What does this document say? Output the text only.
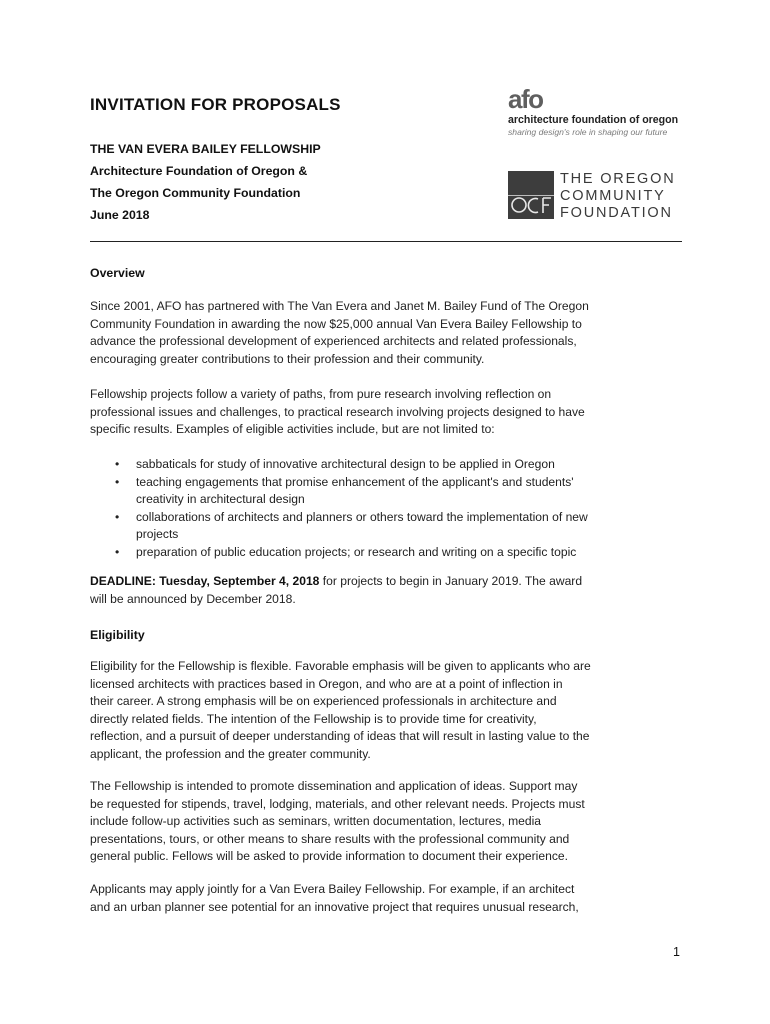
INVITATION FOR PROPOSALS
THE VAN EVERA BAILEY FELLOWSHIP
Architecture Foundation of Oregon &
The Oregon Community Foundation
June 2018
afo
architecture foundation of oregon
sharing design's role in shaping our future
THE OREGON
COMMUNITY
FOUNDATION
Overview
Since 2001, AFO has partnered with The Van Evera and Janet M. Bailey Fund of The Oregon
Community Foundation in awarding the now $25,000 annual Van Evera Bailey Fellowship to
advance the professional development of experienced architects and related professionals,
encouraging greater contributions to their profession and their community.
Fellowship projects follow a variety of paths, from pure research involving reflection on
professional issues and challenges, to practical research involving projects designed to have
specific results. Examples of eligible activities include, but are not limited to:
• sabbaticals for study of innovative architectural design to be applied in Oregon
• teaching engagements that promise enhancement of the applicant's and students'
creativity in architectural design
• collaborations of architects and planners or others toward the implementation of new
projects
• preparation of public education projects; or research and writing on a specific topic
DEADLINE: Tuesday, September 4, 2018 for projects to begin in January 2019. The award
will be announced by December 2018.
Eligibility
Eligibility for the Fellowship is flexible. Favorable emphasis will be given to applicants who are
licensed architects with practices based in Oregon, and who are at a point of inflection in
their career. A strong emphasis will be on experienced professionals in architecture and
directly related fields. The intention of the Fellowship is to provide time for creativity,
reflection, and a pursuit of deeper understanding of ideas that will result in lasting value to the
applicant, the profession and the greater community.
The Fellowship is intended to promote dissemination and application of ideas. Support may
be requested for stipends, travel, lodging, materials, and other relevant needs. Projects must
include follow-up activities such as seminars, written documentation, lectures, media
presentations, tours, or other means to share results with the professional community and
general public. Fellows will be asked to provide information to document their experience.
Applicants may apply jointly for a Van Evera Bailey Fellowship. For example, if an architect
and an urban planner see potential for an innovative project that requires unusual research,
1
